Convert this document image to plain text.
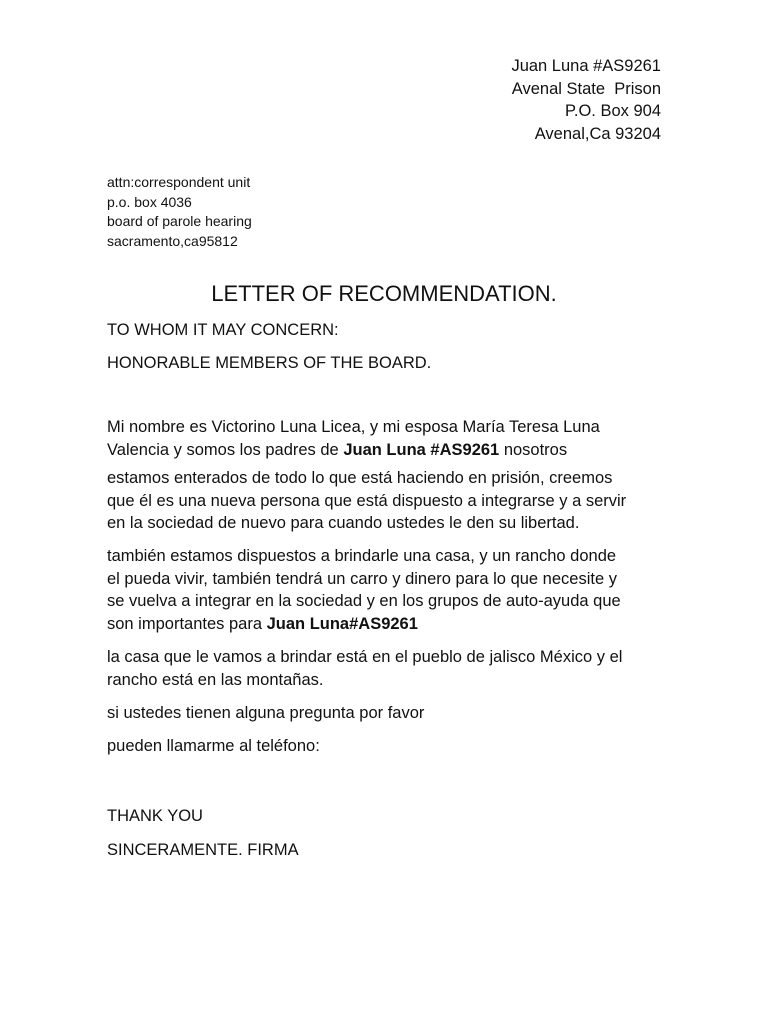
Juan Luna #AS9261
Avenal State  Prison
P.O. Box 904
Avenal,Ca 93204
attn:correspondent unit
p.o. box 4036
board of parole hearing
sacramento,ca95812
LETTER OF RECOMMENDATION.

TO WHOM IT MAY CONCERN:

HONORABLE MEMBERS OF THE BOARD.

Mi nombre es Victorino Luna Licea, y mi esposa María Teresa Luna
Valencia y somos los padres de Juan Luna #AS9261 nosotros

estamos enterados de todo lo que está haciendo en prisión, creemos
que él es una nueva persona que está dispuesto a integrarse y a servir
en la sociedad de nuevo para cuando ustedes le den su libertad.

también estamos dispuestos a brindarle una casa, y un rancho donde
el pueda vivir, también tendrá un carro y dinero para lo que necesite y
se vuelva a integrar en la sociedad y en los grupos de auto-ayuda que
son importantes para Juan Luna#AS9261

la casa que le vamos a brindar está en el pueblo de jalisco México y el
rancho está en las montañas.

si ustedes tienen alguna pregunta por favor

pueden llamarme al teléfono:

THANK YOU

SINCERAMENTE. FIRMA
